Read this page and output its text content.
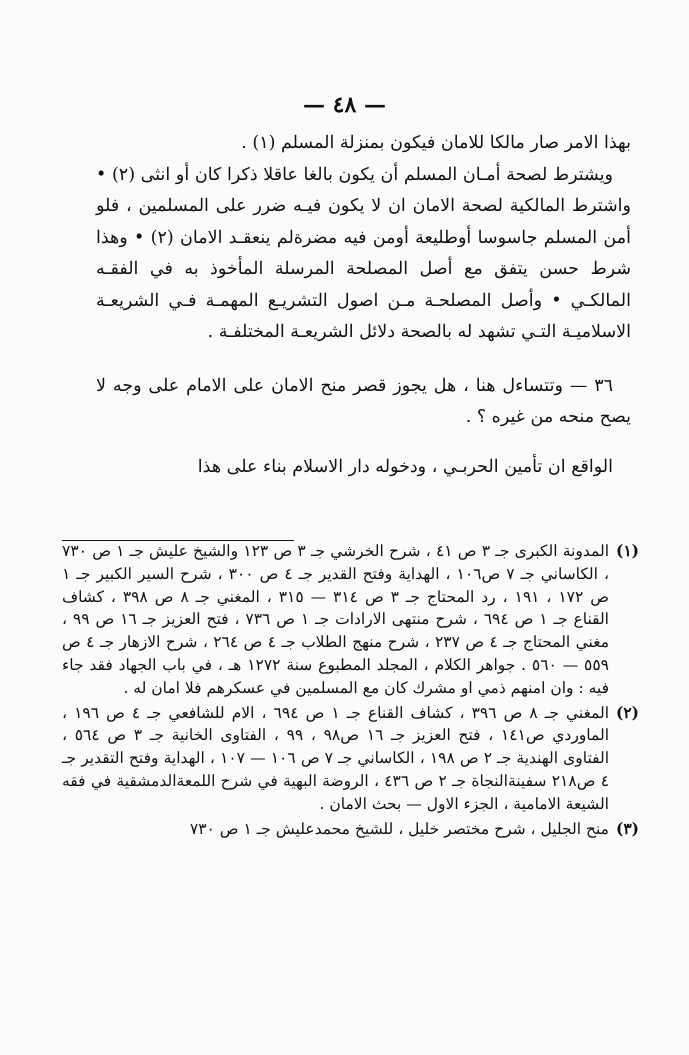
— ٤٨ —

بهذا الامر صار مالكا للامان فيكون بمنزلة المسلم (١) .

ويشترط لصحة أمـان المسلم أن يكون بالغا عاقلا ذكرا كان أو انثى (٢) • واشترط المالكية لصحة الامان ان لا يكون فيـه ضرر على المسلمين ، فلو أمن المسلم جاسوسا أوطليعة أومن فيه مضرةلم ينعقـد الامان (٢) • وهذا شرط حسن يتفق مع أصل المصلحة المرسلة المأخوذ به في الفقـه المالكـي • وأصل المصلحـة مـن اصول التشريـع المهمـة فـي الشريعـة الاسلاميـة التـي تشهد له بالصحة دلائل الشريعـة المختلفـة .

٣٦ — وتتساءل هنا ، هل يجوز قصر منح الامان على الامام على وجه لا يصح منحه من غيره ؟ .

الواقع ان تأمين الحربـي ، ودخوله دار الاسلام بناء على هذا

(١)
المدونة الكبرى جـ ٣ ص ٤١ ، شرح الخرشي جـ ٣ ص ١٢٣ والشيخ عليش جـ ١ ص ٧٣٠ ، الكاساني جـ ٧ ص١٠٦ ، الهداية وفتح القدير جـ ٤ ص ٣٠٠ ، شرح السير الكبير جـ ١ ص ١٧٢ ، ١٩١ ، رد المحتاج جـ ٣ ص ٣١٤ — ٣١٥ ، المغني جـ ٨ ص ٣٩٨ ، كشاف القناع جـ ١ ص ٦٩٤ ، شرح منتهى الارادات جـ ١ ص ٧٣٦ ، فتح العزيز جـ ١٦ ص ٩٩ ، مغني المحتاج جـ ٤ ص ٢٣٧ ، شرح منهج الطلاب جـ ٤ ص ٢٦٤ ، شرح الازهار جـ ٤ ص ٥٥٩ — ٥٦٠ . جواهر الكلام ، المجلد المطبوع سنة ١٢٧٢ هـ ، في باب الجهاد فقد جاء فيه : وان امنهم ذمي او مشرك كان مع المسلمين في عسكرهم فلا امان له .
(٢)
المغني جـ ٨ ص ٣٩٦ ، كشاف القناع جـ ١ ص ٦٩٤ ، الام للشافعي جـ ٤ ص ١٩٦ ، الماوردي ص١٤١ ، فتح العزيز جـ ١٦ ص٩٨ ، ٩٩ ، الفتاوى الخانية جـ ٣ ص ٥٦٤ ، الفتاوى الهندية جـ ٢ ص ١٩٨ ، الكاساني جـ ٧ ص ١٠٦ — ١٠٧ ، الهداية وفتح التقدير جـ ٤ ص٢١٨ سفينةالنجاة جـ ٢ ص ٤٣٦ ، الروضة البهية في شرح اللمعةالدمشقية في فقه الشيعة الامامية ، الجزء الاول — بحث الامان .
(٣)
منح الجليل ، شرح مختصر خليل ، للشيخ محمدعليش جـ ١ ص ٧٣٠
